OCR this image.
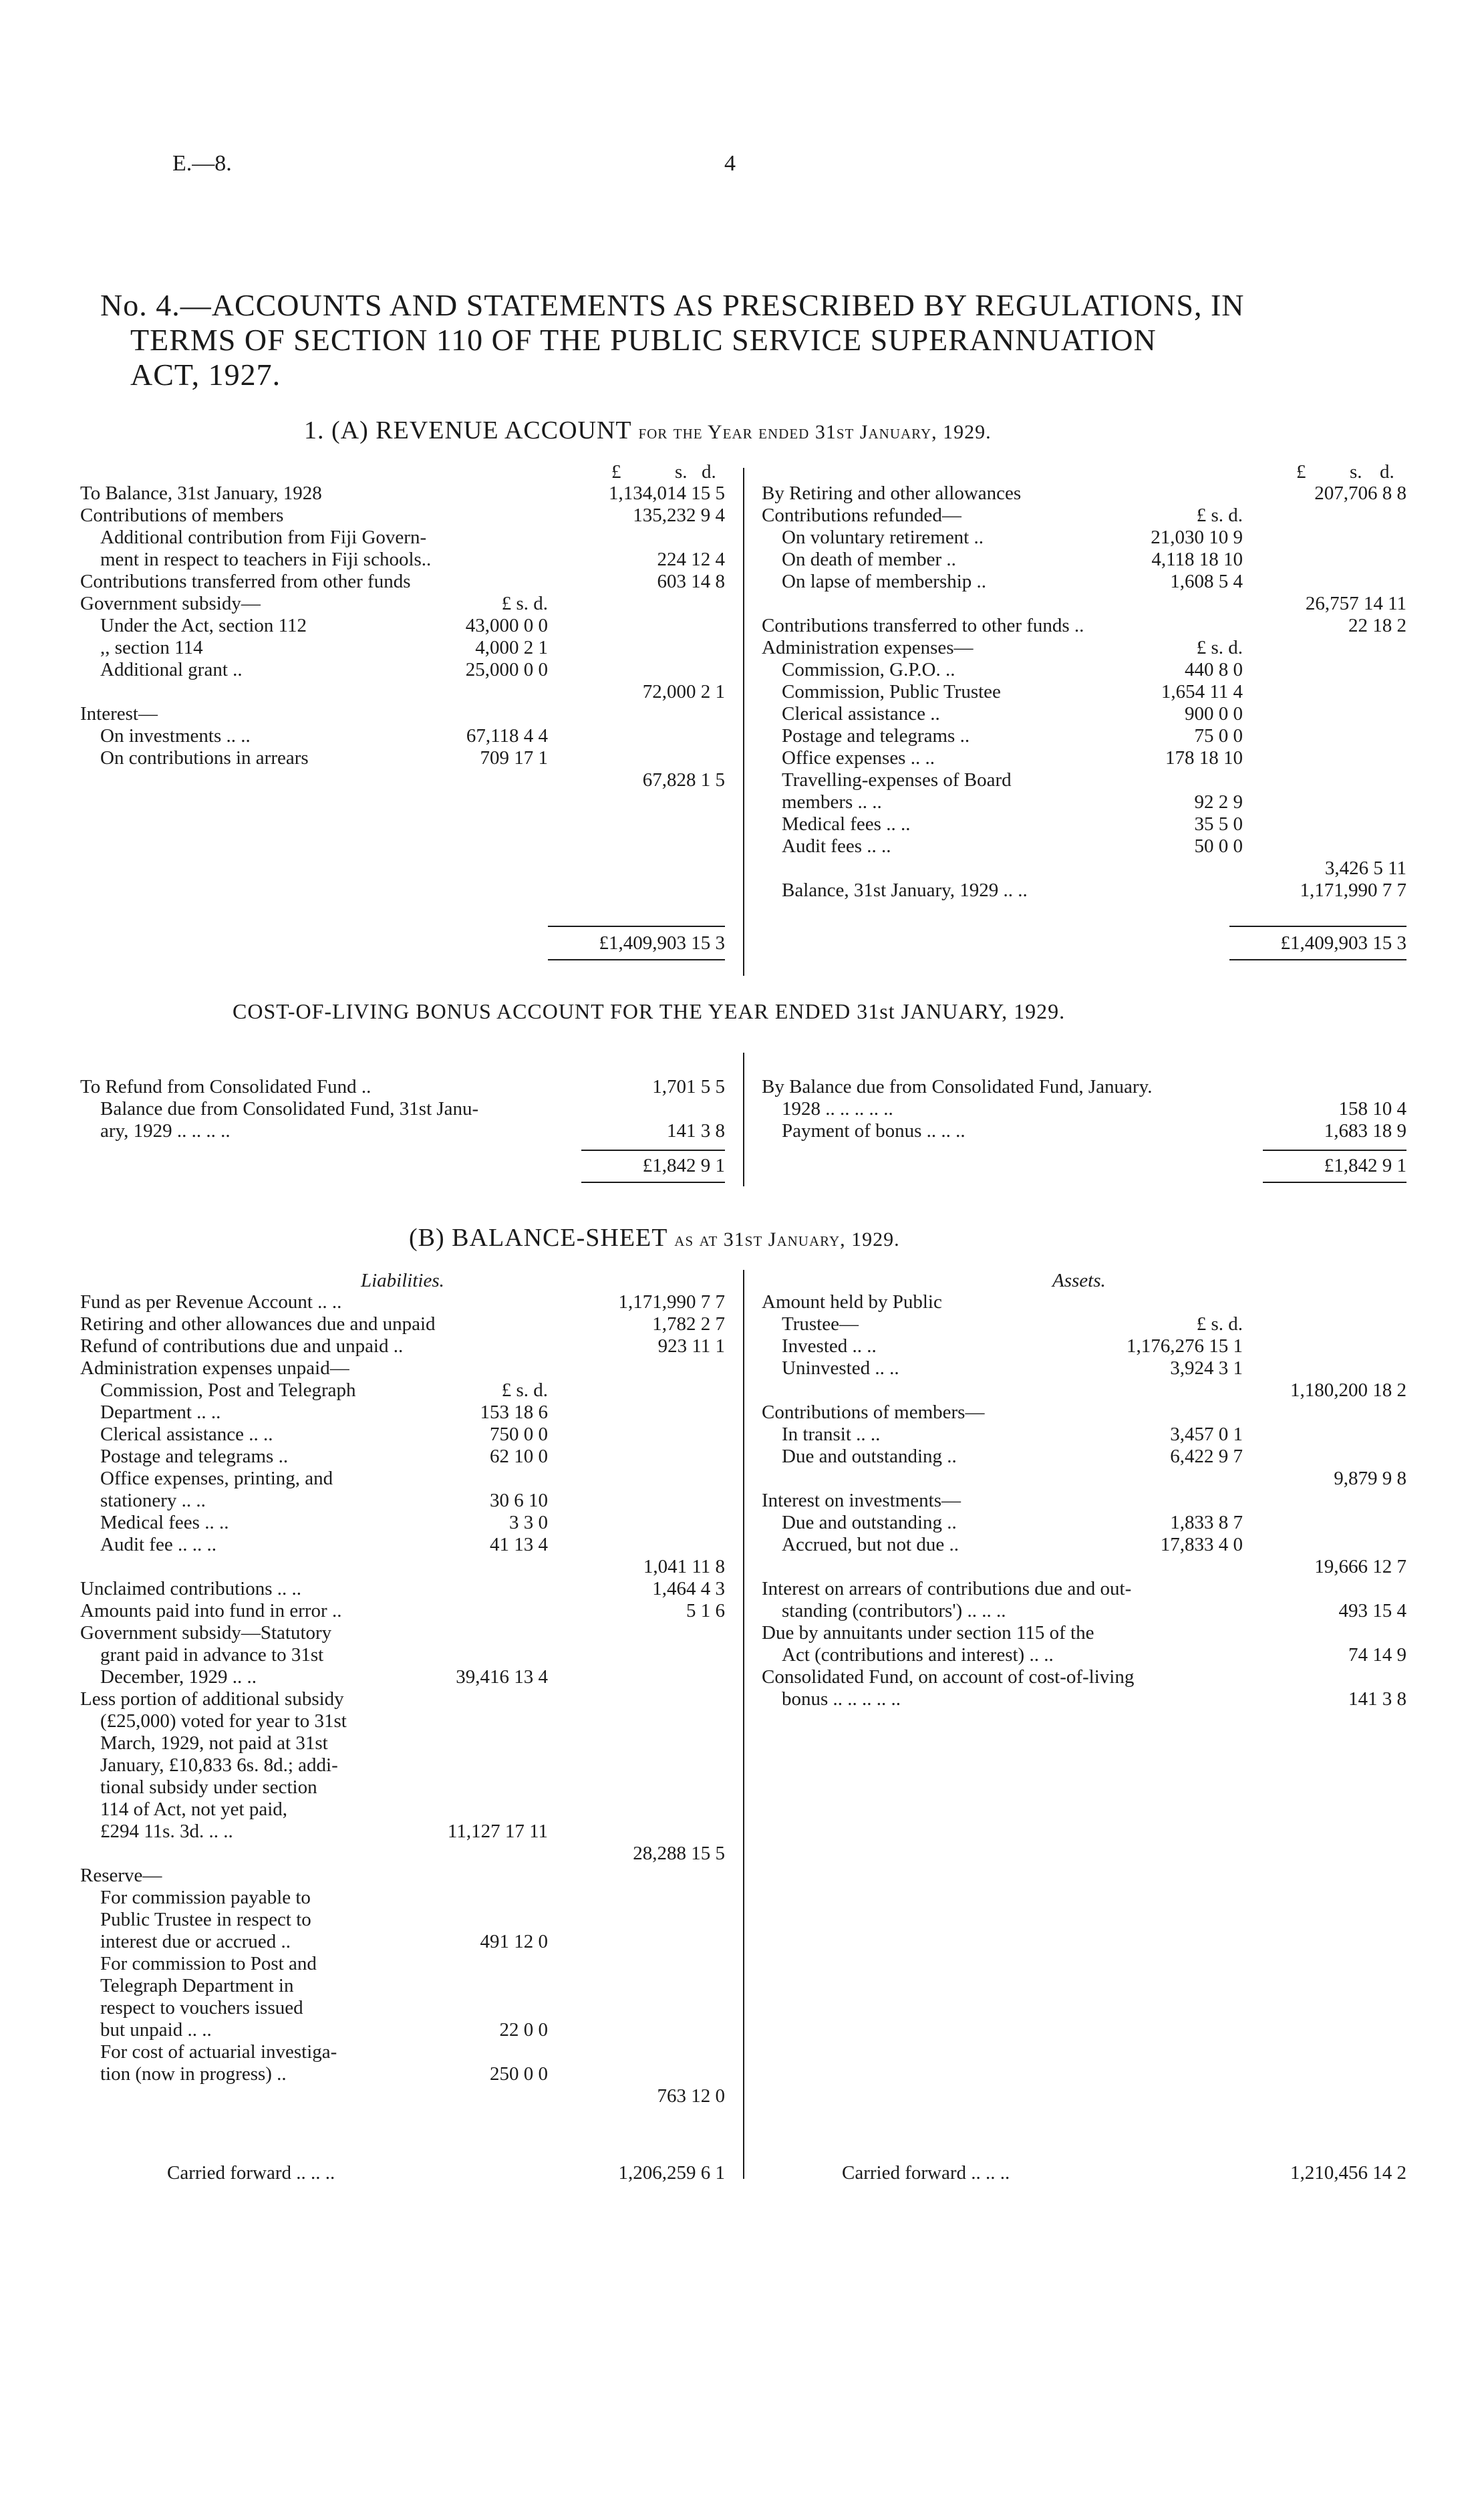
E.—8.	4
No. 4.—ACCOUNTS AND STATEMENTS AS PRESCRIBED BY REGULATIONS, IN
TERMS OF SECTION 110 OF THE PUBLIC SERVICE SUPERANNUATION
ACT, 1927.
1. (A) REVENUE ACCOUNT for the Year ended 31st January, 1929.
£	s. d.	£ s. d.
To Balance, 31st January, 1928	1,134,014 15 5
Contributions of members	135,232 9 4
Additional contribution from Fiji Govern-
ment in respect to teachers in Fiji schools..	224 12 4
Contributions transferred from other funds	603 14 8
Government subsidy—	£ s. d.
Under the Act, section 112	43,000 0 0
,, section 114	4,000 2 1
Additional grant ..	25,000 0 0
72,000 2 1
Interest—
On investments .. ..	67,118 4 4
On contributions in arrears	709 17 1
67,828 1 5
By Retiring and other allowances	207,706 8 8
Contributions refunded—	£ s. d.
On voluntary retirement ..	21,030 10 9
On death of member ..	4,118 18 10
On lapse of membership ..	1,608 5 4
26,757 14 11
Contributions transferred to other funds ..	22 18 2
Administration expenses—	£ s. d.
Commission, G.P.O. ..	440 8 0
Commission, Public Trustee	1,654 11 4
Clerical assistance ..	900 0 0
Postage and telegrams ..	75 0 0
Office expenses .. ..	178 18 10
Travelling-expenses of Board
members .. ..	92 2 9
Medical fees .. ..	35 5 0
Audit fees .. ..	50 0 0
3,426 5 11
Balance, 31st January, 1929 .. ..	1,171,990 7 7
£1,409,903 15 3	£1,409,903 15 3
To Refund from Consolidated Fund ..	1,701 5 5
Balance due from Consolidated Fund, 31st Janu-
ary, 1929 .. .. .. ..	141 3 8
By Balance due from Consolidated Fund, January.
1928 .. .. .. .. ..	158 10 4
Payment of bonus .. .. ..	1,683 18 9
£1,842 9 1	£1,842 9 1
COST-OF-LIVING BONUS ACCOUNT FOR THE YEAR ENDED 31st JANUARY, 1929.
(B) BALANCE-SHEET as at 31st January, 1929.
Liabilities.	Assets.
Fund as per Revenue Account .. ..	1,171,990 7 7
Retiring and other allowances due and unpaid	1,782 2 7
Refund of contributions due and unpaid ..	923 11 1
Administration expenses unpaid—
Commission, Post and Telegraph	£ s. d.
Department .. ..	153 18 6
Clerical assistance .. ..	750 0 0
Postage and telegrams ..	62 10 0
Office expenses, printing, and
stationery .. ..	30 6 10
Medical fees .. ..	3 3 0
Audit fee .. .. ..	41 13 4
1,041 11 8
Unclaimed contributions .. ..	1,464 4 3
Amounts paid into fund in error ..	5 1 6
Government subsidy—Statutory
grant paid in advance to 31st
December, 1929 .. ..	39,416 13 4
Less portion of additional subsidy
(£25,000) voted for year to 31st
March, 1929, not paid at 31st
January, £10,833 6s. 8d.; addi-
tional subsidy under section
114 of Act, not yet paid,
£294 11s. 3d. .. ..	11,127 17 11
28,288 15 5
Reserve—
For commission payable to
Public Trustee in respect to
interest due or accrued ..	491 12 0
For commission to Post and
Telegraph Department in
respect to vouchers issued
but unpaid .. ..	22 0 0
For cost of actuarial investiga-
tion (now in progress) ..	250 0 0
763 12 0
Amount held by Public
Trustee—	£ s. d.
Invested .. ..	1,176,276 15 1
Uninvested .. ..	3,924 3 1
1,180,200 18 2
Contributions of members—
In transit .. ..	3,457 0 1
Due and outstanding ..	6,422 9 7
9,879 9 8
Interest on investments—
Due and outstanding ..	1,833 8 7
Accrued, but not due ..	17,833 4 0
19,666 12 7
Interest on arrears of contributions due and out-
standing (contributors') .. .. ..	493 15 4
Due by annuitants under section 115 of the
Act (contributions and interest) .. ..	74 14 9
Consolidated Fund, on account of cost-of-living
bonus .. .. .. .. ..	141 3 8
Carried forward .. .. ..	1,206,259 6 1	Carried forward .. .. ..	1,210,456 14 2
